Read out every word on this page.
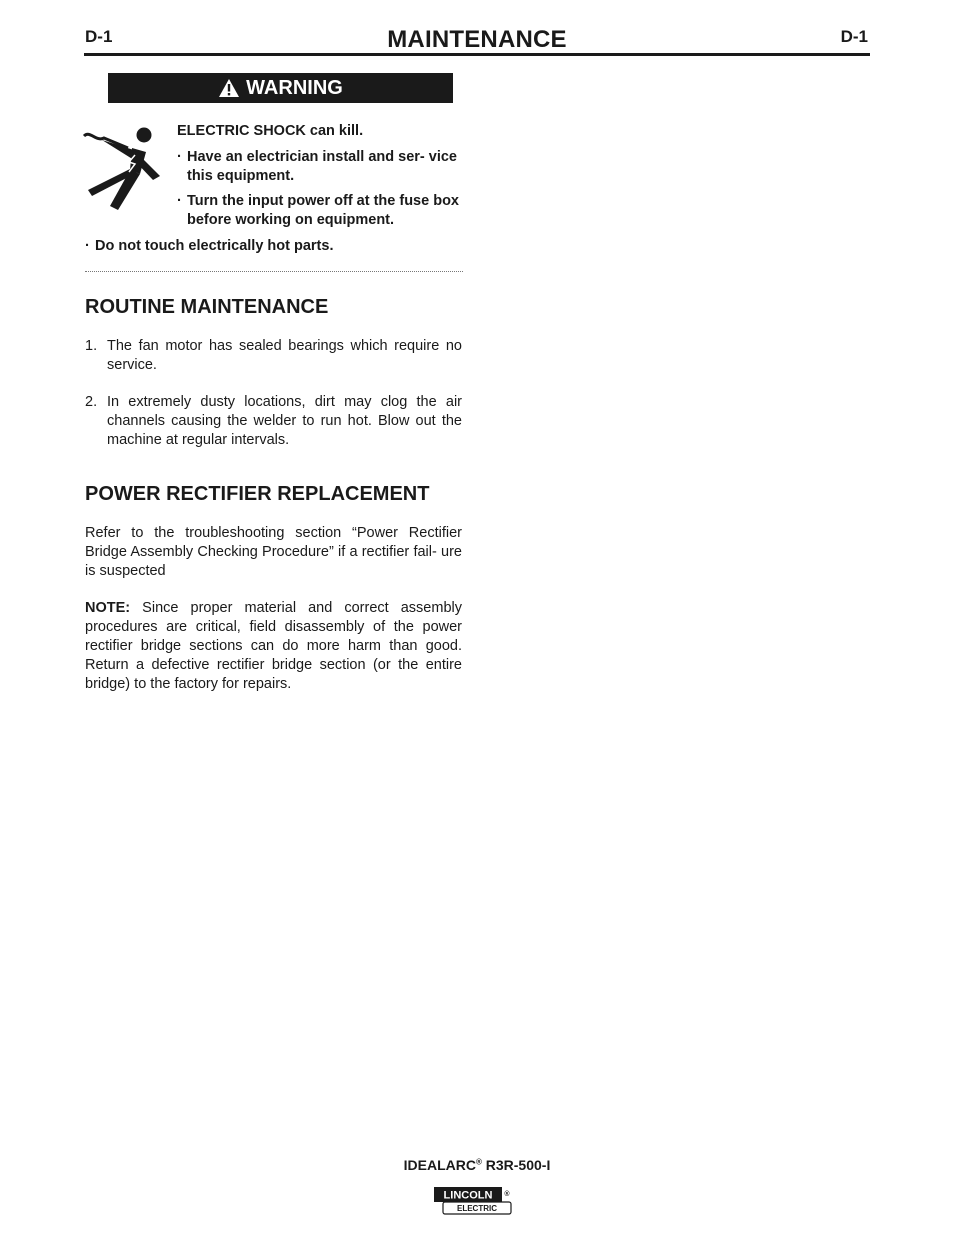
D-1	MAINTENANCE	D-1
WARNING
ELECTRIC SHOCK can kill.
· Have an electrician install and ser- vice this equipment.
· Turn the input power off at the fuse box before working on equipment.
· Do not touch electrically hot parts.
ROUTINE MAINTENANCE
1. The fan motor has sealed bearings which require no service.
2. In extremely dusty locations, dirt may clog the air channels causing the welder to run hot. Blow out the machine at regular intervals.
POWER RECTIFIER REPLACEMENT

Refer to the troubleshooting section “Power Rectifier Bridge Assembly Checking Procedure” if a rectifier fail- ure is suspected

NOTE: Since proper material and correct assembly procedures are critical, field disassembly of the power rectifier bridge sections can do more harm than good. Return a defective rectifier bridge section (or the entire bridge) to the factory for repairs.

IDEALARC® R3R-500-I
LINCOLN ®
ELECTRIC
